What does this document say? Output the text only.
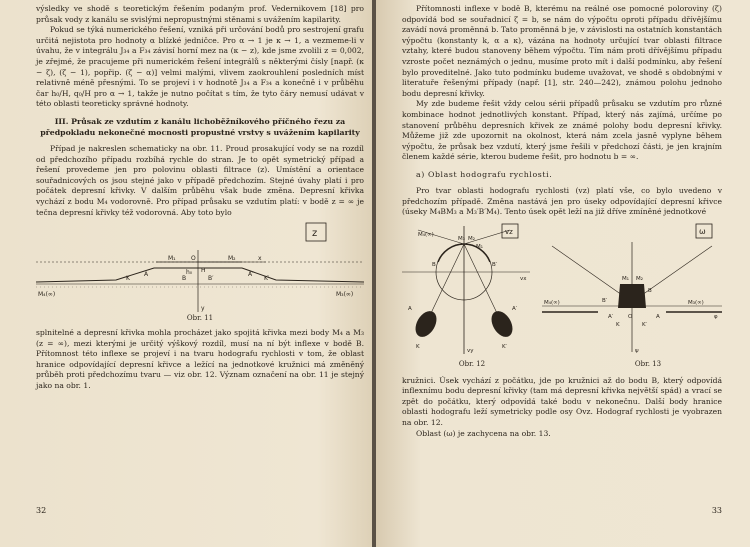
výsledky ve shodě s teoretickým řešením podaným prof. Vedernikovem [18] pro průsak vody z kanálu se svislými nepropustnými stěnami s uvážením kapilarity.

Pokud se týká numerického řešení, vzniká při určování bodů pro sestrojení grafu určitá nejistota pro hodnoty α blízké jedničce. Pro α → 1 je κ → 1, a vezmeme-li v úvahu, že v integrálu J₃₄ a F₃₄ závisí horní mez na (κ − z), kde jsme zvolili z = 0,002, je zřejmé, že pracujeme při numerickém řešení integrálů s některými čísly [např. (κ − ζ), (ζ − 1), popřip. (ζ − α)] velmi malými, vlivem zaokrouhlení posledních míst relativně méně přesnými. To se projeví i v hodnotě J₃₄ a F₃₄ a konečně i v průběhu čar h₀/H, q₀/H pro α → 1, takže je nutno počítat s tím, že tyto čáry nemusí udávat v této oblasti teoreticky správné hodnoty.

III. Průsak ze vzdutím z kanálu lichoběžníkového příčného řezu za předpokladu nekonečné mocnosti propustné vrstvy s uvážením kapilarity

Případ je nakreslen schematicky na obr. 11. Proud prosakující vody se na rozdíl od předchozího případu rozbíhá rychle do stran. Je to opět symetrický případ a řešení provedeme jen pro polovinu oblasti filtrace (z). Umístění a orientace souřadnicových os jsou stejné jako v případě předchozím. Stejné úvahy platí i pro počátek depresní křivky. V dalším průběhu však bude změna. Depresní křivka vychází z bodu M₄ vodorovně. Pro případ průsaku se vzdutím platí: v bodě z = ∞ je tečna depresní křivky též vodorovná. Aby toto bylo

z
M₄(∞)	M₃(∞)
A	A′
K	K′
B	B′
M₁	M₂
h₀ H
x
y
O
Obr. 11

splnitelné a depresní křivka mohla procházet jako spojitá křivka mezi body M₄ a M₃ (z = ∞), mezi kterými je určitý výškový rozdíl, musí na ní být inflexe v bodě B. Přítomnost této inflexe se projeví i na tvaru hodografu rychlosti v tom, že oblast hranice odpovídající depresní křivce a ležící na jednotkové kružnici má změněný průběh proti předchozímu tvaru — viz obr. 12. Význam označení na obr. 11 je stejný jako na obr. 1.

32

Přítomnosti inflexe v bodě B, kterému na reálné ose pomocné poloroviny (ζ) odpovídá bod se souřadnicí ζ = b, se nám do výpočtu oproti případu dřívějšímu zavádí nová proměnná b. Tato proměnná b je, v závislosti na ostatních konstantách výpočtu (konstanty k, α a κ), vázána na hodnoty určující tvar oblasti filtrace vztahy, které budou stanoveny během výpočtu. Tím nám proti dřívějšímu případu vzroste počet neznámých o jednu, musíme proto mít i další podmínku, aby řešení bylo proveditelné. Jako tuto podmínku budeme uvažovat, ve shodě s obdobnými v literatuře řešenými případy (např. [1], str. 240—242), známou polohu jednoho bodu depresní křivky.

My zde budeme řešit vždy celou sérii případů průsaku se vzdutím pro různé kombinace hodnot jednotlivých konstant. Případ, který nás zajímá, určíme po stanovení průběhu depresních křivek ze známé polohy bodu depresní křivky. Můžeme již zde upozornit na okolnost, která nám zcela jasně vyplyne během výpočtu, že průsak bez vzdutí, který jsme řešili v předchozí části, je jen krajním členem každé série, kterou budeme řešit, pro hodnotu b = ∞.

a) Oblast hodografu rychlosti.

Pro tvar oblasti hodografu rychlosti (vz) platí vše, co bylo uvedeno v předchozím případě. Změna nastává jen pro úseky odpovídající depresní křivce (úseky M₄BM₃ a M₃′B′M₄). Tento úsek opět leží na již dříve zmíněné jednotkové

vz
M₄(∞)
M₃ M₂
M₁
B	B′
A	A′
K	K′
vx
vy
ω
M₄(∞)	M₃(∞)
M₁ M₂
B
B′
A
A′
K	K′
O	φ
ψ
Obr. 12	Obr. 13

kružnici. Úsek vychází z počátku, jde po kružnici až do bodu B, který odpovídá inflexnímu bodu depresní křivky (tam má depresní křivka největší spád) a vrací se zpět do počátku, který odpovídá také bodu v nekonečnu. Další body hranice oblasti hodografu leží symetricky podle osy Ovz. Hodograf rychlosti je vyobrazen na obr. 12.

Oblast (ω) je zachycena na obr. 13.

33
